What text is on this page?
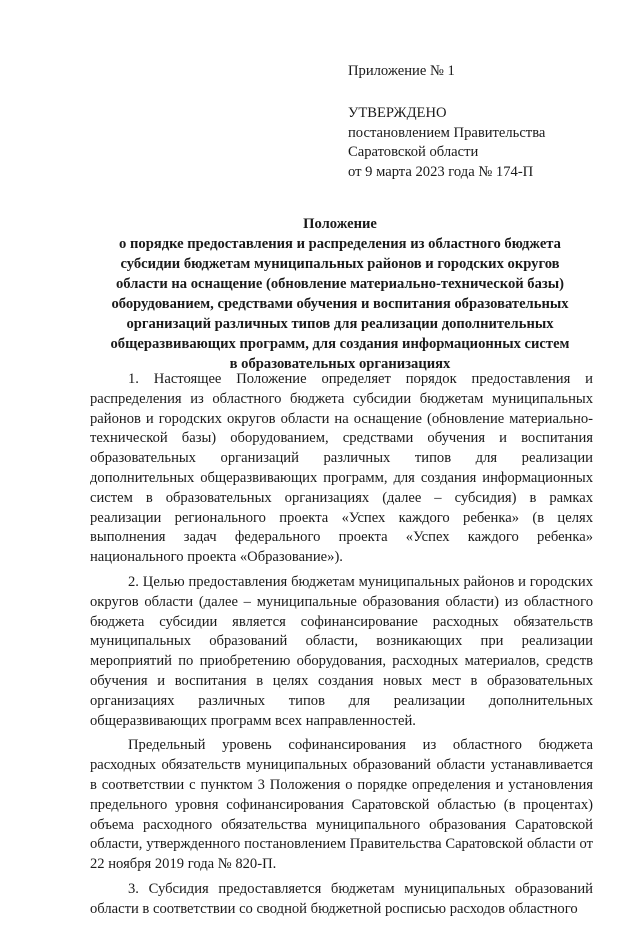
Приложение № 1
УТВЕРЖДЕНО
постановлением Правительства
Саратовской области
от 9 марта 2023 года № 174-П
Положение
о порядке предоставления и распределения из областного бюджета
субсидии бюджетам муниципальных районов и городских округов
области на оснащение (обновление материально-технической базы)
оборудованием, средствами обучения и воспитания образовательных
организаций различных типов для реализации дополнительных
общеразвивающих программ, для создания информационных систем
в образовательных организациях

1. Настоящее Положение определяет порядок предоставления и распределения из областного бюджета субсидии бюджетам муниципальных районов и городских округов области на оснащение (обновление материально-технической базы) оборудованием, средствами обучения и воспитания образовательных организаций различных типов для реализации дополнительных общеразвивающих программ, для создания информационных систем в образовательных организациях (далее – субсидия) в рамках реализации регионального проекта «Успех каждого ребенка» (в целях выполнения задач федерального проекта «Успех каждого ребенка» национального проекта «Образование»).

2. Целью предоставления бюджетам муниципальных районов и городских округов области (далее – муниципальные образования области) из областного бюджета субсидии является софинансирование расходных обязательств муниципальных образований области, возникающих при реализации мероприятий по приобретению оборудования, расходных материалов, средств обучения и воспитания в целях создания новых мест в образовательных организациях различных типов для реализации дополнительных общеразвивающих программ всех направленностей.

Предельный уровень софинансирования из областного бюджета расходных обязательств муниципальных образований области устанавливается в соответствии с пунктом 3 Положения о порядке определения и установления предельного уровня софинансирования Саратовской областью (в процентах) объема расходного обязательства муниципального образования Саратовской области, утвержденного постановлением Правительства Саратовской области от 22 ноября 2019 года № 820-П.

3. Субсидия предоставляется бюджетам муниципальных образований области в соответствии со сводной бюджетной росписью расходов областного
